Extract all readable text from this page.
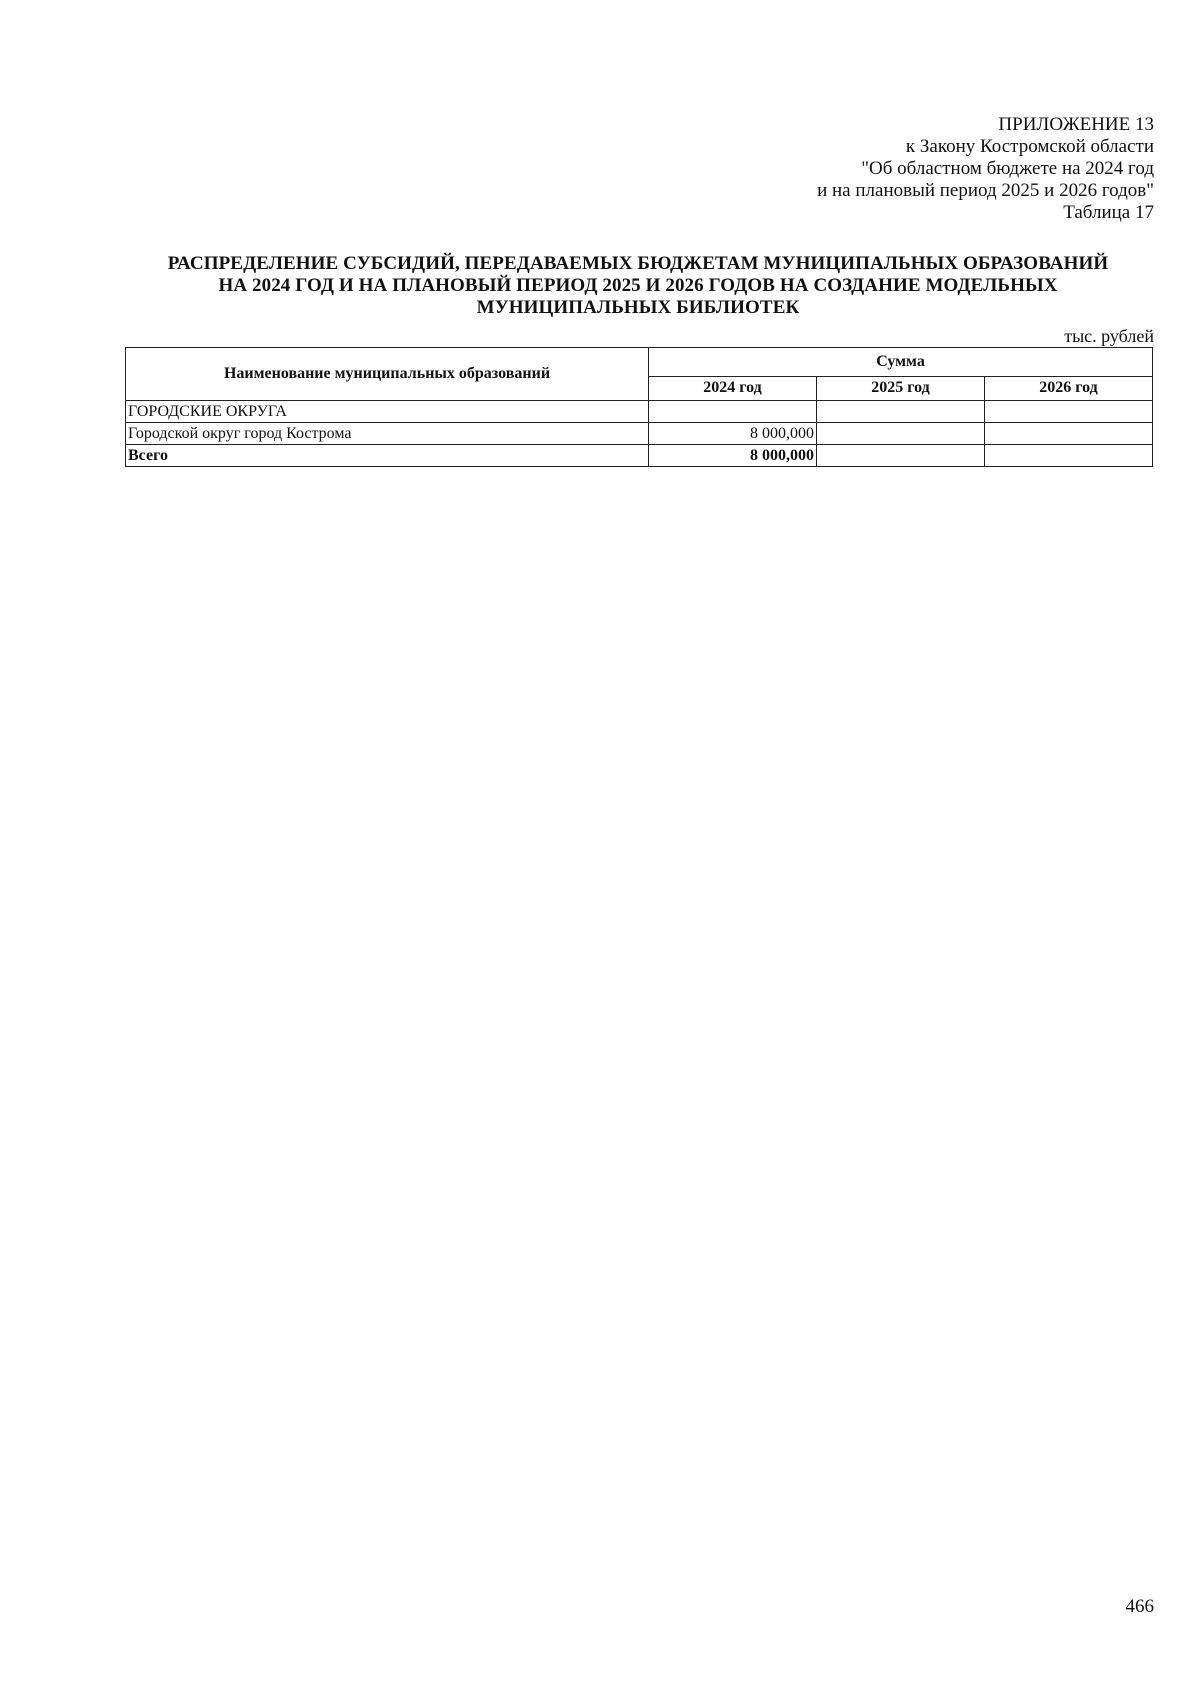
ПРИЛОЖЕНИЕ 13
к Закону Костромской области
"Об областном бюджете на 2024 год
и на плановый период 2025 и 2026 годов"
Таблица 17
РАСПРЕДЕЛЕНИЕ СУБСИДИЙ, ПЕРЕДАВАЕМЫХ БЮДЖЕТАМ МУНИЦИПАЛЬНЫХ ОБРАЗОВАНИЙ
НА 2024 ГОД И НА ПЛАНОВЫЙ ПЕРИОД 2025 И 2026 ГОДОВ НА СОЗДАНИЕ МОДЕЛЬНЫХ
МУНИЦИПАЛЬНЫХ БИБЛИОТЕК
тыс. рублей
Наименование муниципальных образований	Сумма		
	2024 год	2025 год	2026 год
ГОРОДСКИЕ ОКРУГА			
Городской округ город Кострома	8 000,000		
Всего	8 000,000		
466
